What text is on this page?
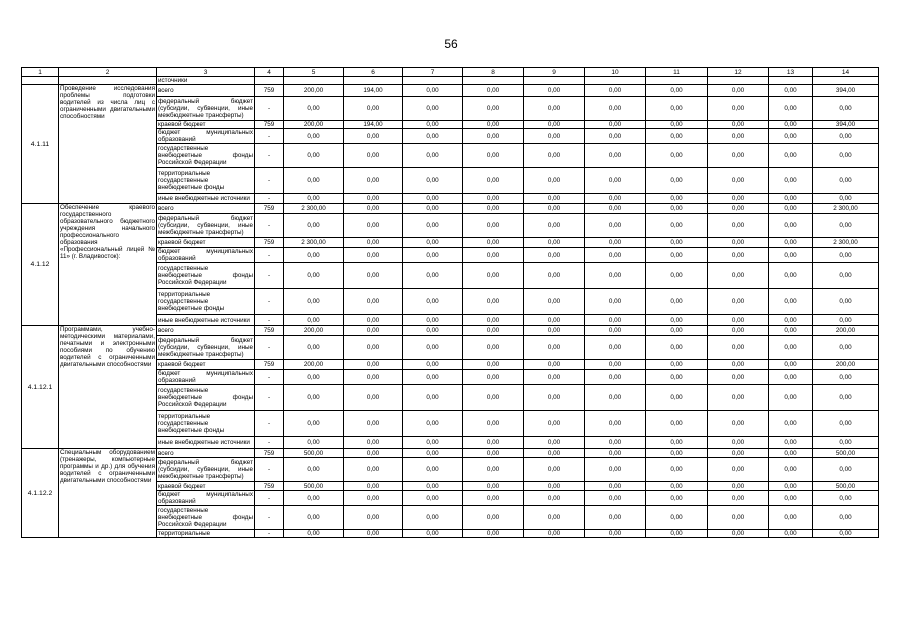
56
1	2	3	4	5	6	7	8	9	10	11	12	13	14
		источники											
4.1.11	Проведение исследования проблемы подготовки водителей из числа лиц с ограниченными двигательными способностями	всего	759	200,00	194,00	0,00	0,00	0,00	0,00	0,00	0,00	0,00	394,00
		федеральный бюджет (субсидии, субвенции, иные межбюджетные трансферты)	-	0,00	0,00	0,00	0,00	0,00	0,00	0,00	0,00	0,00	0,00
		краевой бюджет	759	200,00	194,00	0,00	0,00	0,00	0,00	0,00	0,00	0,00	394,00
		бюджет муниципальных образований	-	0,00	0,00	0,00	0,00	0,00	0,00	0,00	0,00	0,00	0,00
		государственные внебюджетные фонды Российской Федерации	-	0,00	0,00	0,00	0,00	0,00	0,00	0,00	0,00	0,00	0,00
		территориальные государственные внебюджетные фонды	-	0,00	0,00	0,00	0,00	0,00	0,00	0,00	0,00	0,00	0,00
		иные внебюджетные источники	-	0,00	0,00	0,00	0,00	0,00	0,00	0,00	0,00	0,00	0,00
4.1.12	Обеспечение краевого государственного образовательного бюджетного учреждения начального профессионального образования «Профессиональный лицей № 11» (г. Владивосток):	всего	759	2 300,00	0,00	0,00	0,00	0,00	0,00	0,00	0,00	0,00	2 300,00
		федеральный бюджет (субсидии, субвенции, иные межбюджетные трансферты)	-	0,00	0,00	0,00	0,00	0,00	0,00	0,00	0,00	0,00	0,00
		краевой бюджет	759	2 300,00	0,00	0,00	0,00	0,00	0,00	0,00	0,00	0,00	2 300,00
		бюджет муниципальных образований	-	0,00	0,00	0,00	0,00	0,00	0,00	0,00	0,00	0,00	0,00
		государственные внебюджетные фонды Российской Федерации	-	0,00	0,00	0,00	0,00	0,00	0,00	0,00	0,00	0,00	0,00
		территориальные государственные внебюджетные фонды	-	0,00	0,00	0,00	0,00	0,00	0,00	0,00	0,00	0,00	0,00
		иные внебюджетные источники	-	0,00	0,00	0,00	0,00	0,00	0,00	0,00	0,00	0,00	0,00
4.1.12.1	Программами, учебно-методическими материалами, печатными и электронными пособиями по обучению водителей с ограниченными двигательными способностями	всего	759	200,00	0,00	0,00	0,00	0,00	0,00	0,00	0,00	0,00	200,00
		федеральный бюджет (субсидии, субвенции, иные межбюджетные трансферты)	-	0,00	0,00	0,00	0,00	0,00	0,00	0,00	0,00	0,00	0,00
		краевой бюджет	759	200,00	0,00	0,00	0,00	0,00	0,00	0,00	0,00	0,00	200,00
		бюджет муниципальных образований	-	0,00	0,00	0,00	0,00	0,00	0,00	0,00	0,00	0,00	0,00
		государственные внебюджетные фонды Российской Федерации	-	0,00	0,00	0,00	0,00	0,00	0,00	0,00	0,00	0,00	0,00
		территориальные государственные внебюджетные фонды	-	0,00	0,00	0,00	0,00	0,00	0,00	0,00	0,00	0,00	0,00
		иные внебюджетные источники	-	0,00	0,00	0,00	0,00	0,00	0,00	0,00	0,00	0,00	0,00
4.1.12.2	Специальным оборудованием (тренажеры, компьютерные программы и др.) для обучения водителей с ограниченными двигательными способностями	всего	759	500,00	0,00	0,00	0,00	0,00	0,00	0,00	0,00	0,00	500,00
		федеральный бюджет (субсидии, субвенции, иные межбюджетные трансферты)	-	0,00	0,00	0,00	0,00	0,00	0,00	0,00	0,00	0,00	0,00
		краевой бюджет	759	500,00	0,00	0,00	0,00	0,00	0,00	0,00	0,00	0,00	500,00
		бюджет муниципальных образований	-	0,00	0,00	0,00	0,00	0,00	0,00	0,00	0,00	0,00	0,00
		государственные внебюджетные фонды Российской Федерации	-	0,00	0,00	0,00	0,00	0,00	0,00	0,00	0,00	0,00	0,00
		территориальные	-	0,00	0,00	0,00	0,00	0,00	0,00	0,00	0,00	0,00	0,00
